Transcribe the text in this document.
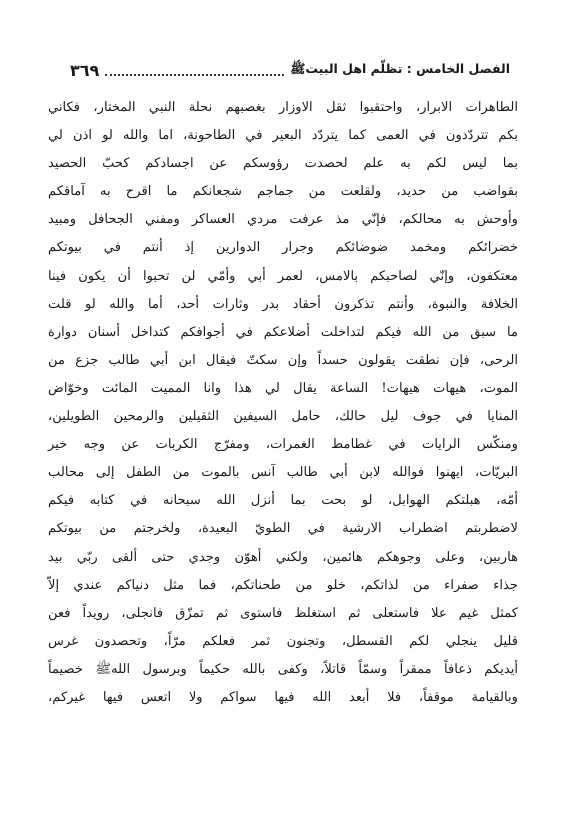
الفصل الخامس : تظلّم اهل البيتﷺ
٣٦٩
الطاهرات الابرار، واحتقبوا ثقل الاوزار بغصبهم نحلة النبي المختار، فكاني
بكم تتردّدون في العمى كما يتردّد البعير في الطاحونة، اما والله لو اذن لي
بما ليس لكم به علم لحصدت رؤوسكم عن اجسادكم كحبّ الحصيد
بقواضب من حديد، ولقلعت من جماجم شجعانكم ما اقرح به آماقكم
وأوحش به محالكم، فإنّي مذ عرفت مردي العساكر ومفني الجحافل ومبيد
خضرائكم ومخمد ضوضائكم وجرار الدوارين إذ أنتم في بيوتكم
معتكفون، وإنّي لصاحبكم بالامس، لعمر أبي وأمّي لن تحبوا أن يكون فينا
الخلافة والنبوة، وأنتم تذكرون أحقاد بدر وثارات أحد، أما والله لو قلت
ما سبق من الله فيكم لتداخلت أضلاعكم في أجوافكم كتداخل أسنان دوارة
الرحى، فإن نطقت يقولون حسداً وإن سكتّ فيقال ابن أبي طالب جزع من
الموت، هيهات هيهات! الساعة يقال لي هذا وانا المميت المائت وخوّاض
المنايا في جوف ليل حالك، حامل السيفين الثقيلين والرمحين الطويلين،
ومنكّس الرايات في غطامط الغمرات، ومفرّج الكربات عن وجه خير
البريّات، ايهنوا فوالله لابن أبي طالب آنس بالموت من الطفل إلى محالب
أمّه، هبلتكم الهوابل، لو بحت بما أنزل الله سبحانه في كتابه فيكم
لاضطربتم اضطراب الارشية في الطويّ البعيدة، ولخرجتم من بيوتكم
هاربين، وعلى وجوهكم هائمين، ولكني أهوّن وجدي حتى ألقى ربّي بيد
جذاء صفراء من لذاتكم، خلو من طحناتكم، فما مثل دنياكم عندي إلاّ
كمثل غيم علا فاستعلى ثم استغلظ فاستوى ثم تمزّق فانجلى، رويداً فعن
قليل ينجلي لكم القسطل، وتجنون ثمر فعلكم مرّاً، وتحصدون غرس
أيديكم ذعافاً ممقراً وسمّاً قاتلاً، وكفى بالله حكيماً وبرسول اللهﷺ خصيماً
وبالقيامة موقفاً، فلا أبعد الله فيها سواكم ولا اتعس فيها غيركم،
